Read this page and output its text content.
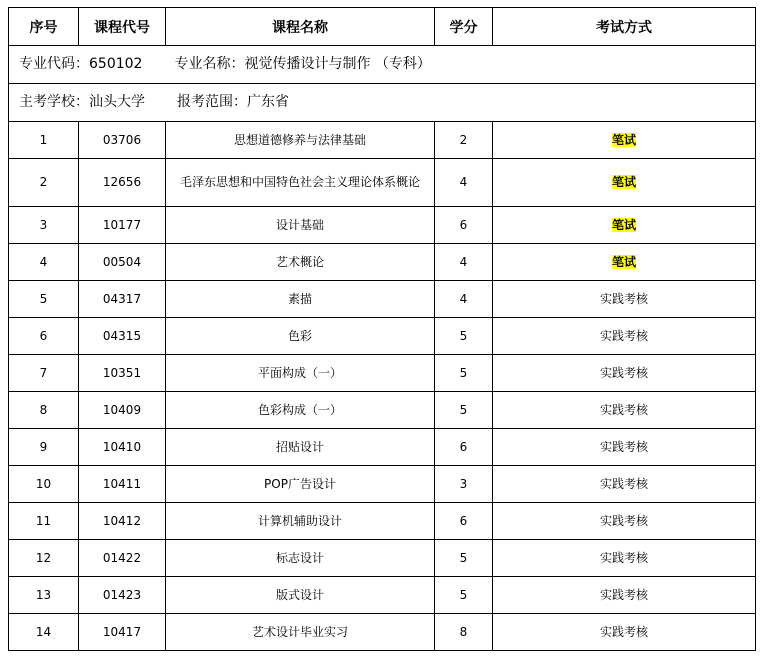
专业代码：650102 专业名称：视觉传播设计与制作 （专科）				
主考学校：汕头大学 报考范围：广东省				
序号	课程代号	课程名称	学分	考试方式
1	03706	思想道德修养与法律基础	2	笔试
2	12656	毛泽东思想和中国特色社会主义理论体系概论	4	笔试
3	10177	设计基础	6	笔试
4	00504	艺术概论	4	笔试
5	04317	素描	4	实践考核
6	04315	色彩	5	实践考核
7	10351	平面构成（一）	5	实践考核
8	10409	色彩构成（一）	5	实践考核
9	10410	招贴设计	6	实践考核
10	10411	POP广告设计	3	实践考核
11	10412	计算机辅助设计	6	实践考核
12	01422	标志设计	5	实践考核
13	01423	版式设计	5	实践考核
14	10417	艺术设计毕业实习	8	实践考核
